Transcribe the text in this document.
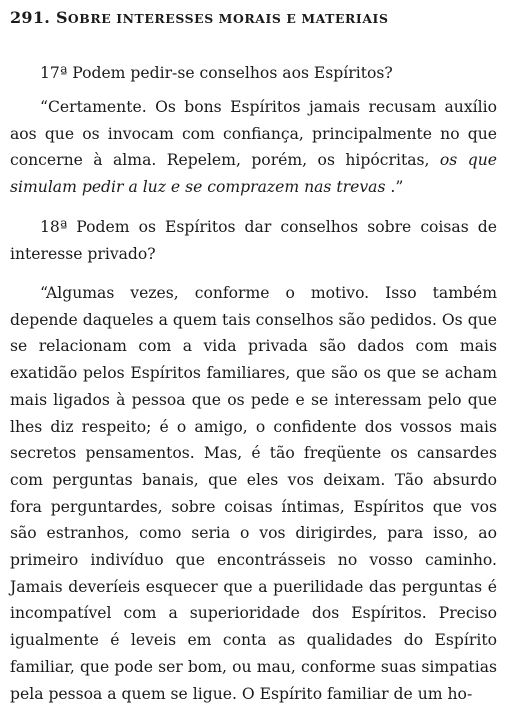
291. SOBRE INTERESSES MORAIS E MATERIAIS
17ª Podem pedir-se conselhos aos Espíritos?
“Certamente. Os bons Espíritos jamais recusam auxílio aos que os invocam com confiança, principalmente no que concerne à alma. Repelem, porém, os hipócritas, os que simulam pedir a luz e se comprazem nas trevas .”
18ª Podem os Espíritos dar conselhos sobre coisas de interesse privado?
“Algumas vezes, conforme o motivo. Isso também depende daqueles a quem tais conselhos são pedidos. Os que se relacionam com a vida privada são dados com mais exatidão pelos Espíritos familiares, que são os que se acham mais ligados à pessoa que os pede e se interessam pelo que lhes diz respeito; é o amigo, o confidente dos vossos mais secretos pensamentos. Mas, é tão freqüente os cansardes com perguntas banais, que eles vos deixam. Tão absurdo fora perguntardes, sobre coisas íntimas, Espíritos que vos são estranhos, como seria o vos dirigirdes, para isso, ao primeiro indivíduo que encontrásseis no vosso caminho. Jamais deveríeis esquecer que a puerilidade das perguntas é incompatível com a superioridade dos Espíritos. Preciso igualmente é leveis em conta as qualidades do Espírito familiar, que pode ser bom, ou mau, conforme suas simpatias pela pessoa a quem se ligue. O Espírito familiar de um ho-
